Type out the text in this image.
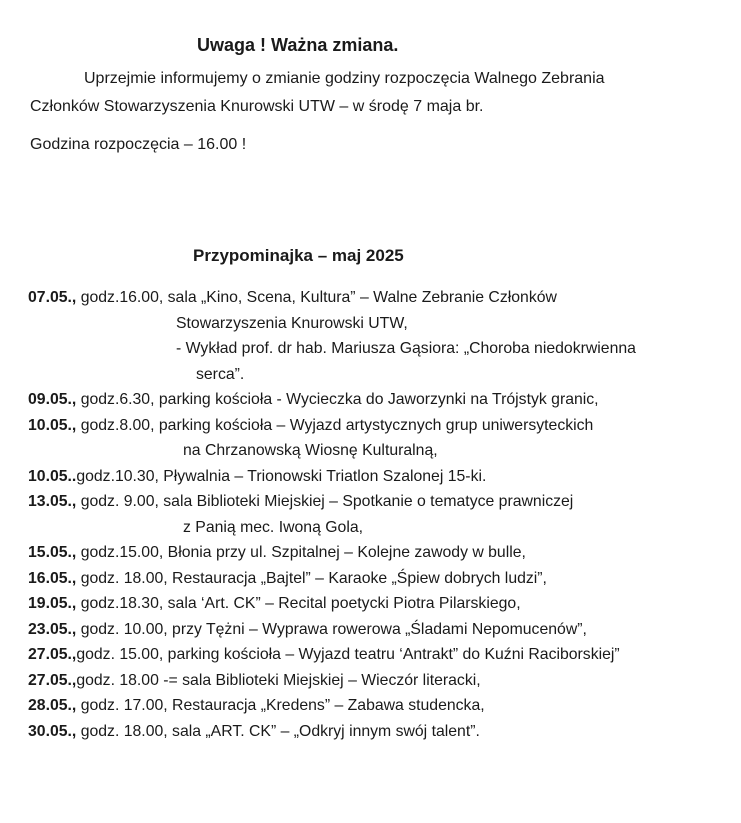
Uwaga ! Ważna zmiana.
Uprzejmie informujemy o zmianie godziny rozpoczęcia Walnego Zebrania
Członków Stowarzyszenia Knurowski UTW – w środę 7 maja br.
Godzina rozpoczęcia – 16.00 !
Przypominajka – maj 2025
07.05., godz.16.00, sala „Kino, Scena, Kultura” – Walne Zebranie Członków
Stowarzyszenia Knurowski UTW,
- Wykład prof. dr hab. Mariusza Gąsiora: „Choroba niedokrwienna
serca”.
09.05., godz.6.30, parking kościoła - Wycieczka do Jaworzynki na Trójstyk granic,
10.05., godz.8.00, parking kościoła – Wyjazd artystycznych grup uniwersyteckich
na Chrzanowską Wiosnę Kulturalną,
10.05..godz.10.30, Pływalnia – Trionowski Triatlon Szalonej 15-ki.
13.05., godz. 9.00, sala Biblioteki Miejskiej – Spotkanie o tematyce prawniczej
z Panią mec. Iwoną Gola,
15.05., godz.15.00, Błonia przy ul. Szpitalnej – Kolejne zawody w bulle,
16.05., godz. 18.00, Restauracja „Bajtel” – Karaoke „Śpiew dobrych ludzi”,
19.05., godz.18.30, sala ‘Art. CK” – Recital poetycki Piotra Pilarskiego,
23.05., godz. 10.00, przy Tężni – Wyprawa rowerowa „Śladami Nepomucenów”,
27.05.,godz. 15.00, parking kościoła – Wyjazd teatru ‘Antrakt” do Kuźni Raciborskiej”
27.05.,godz. 18.00 -= sala Biblioteki Miejskiej – Wieczór literacki,
28.05., godz. 17.00, Restauracja „Kredens” – Zabawa studencka,
30.05., godz. 18.00, sala „ART. CK” – „Odkryj innym swój talent”.
